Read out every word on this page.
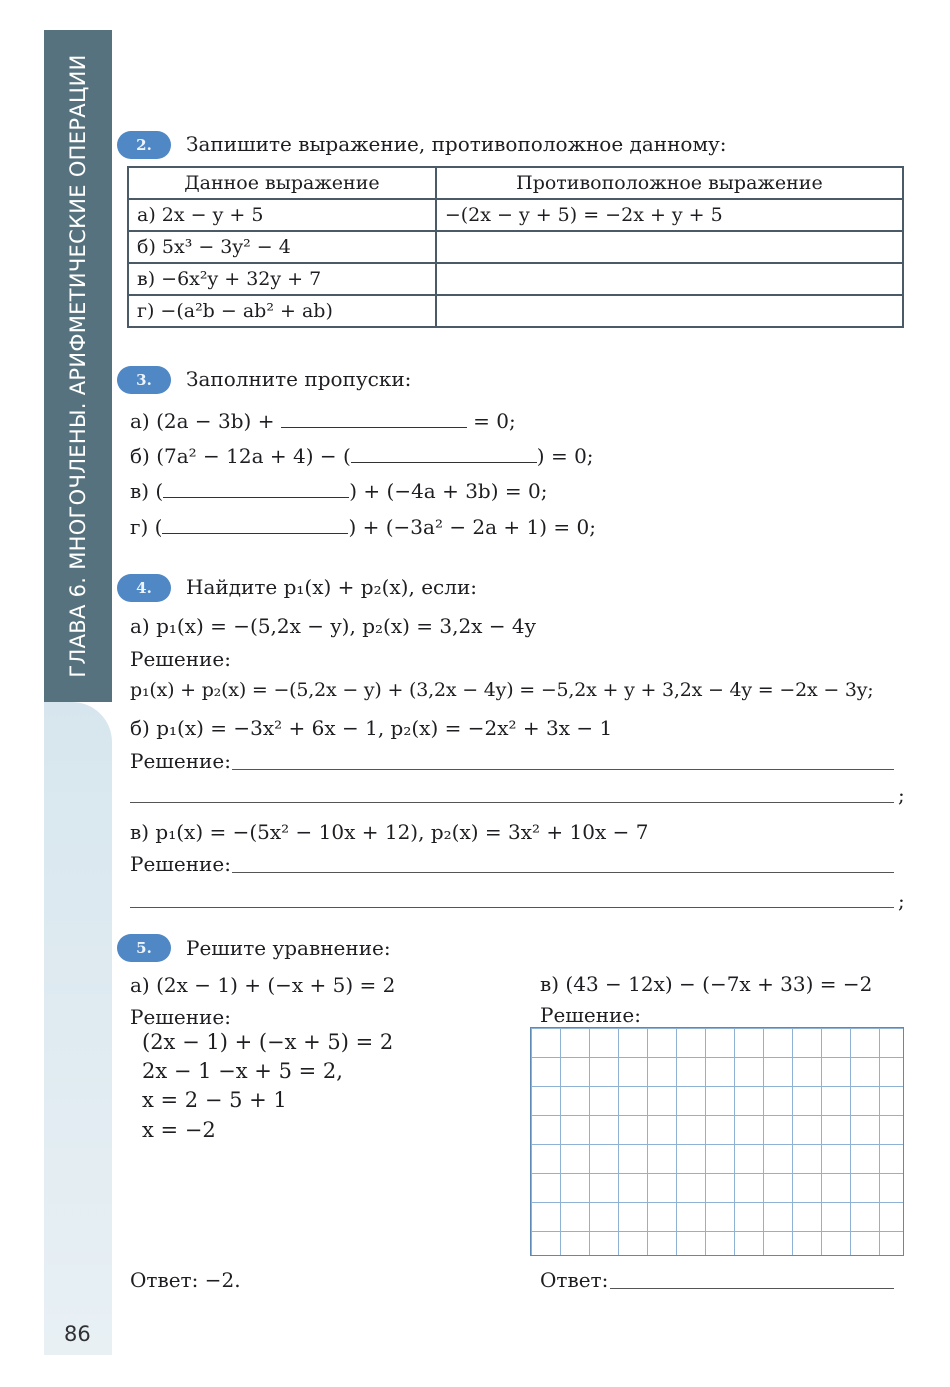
ГЛАВА 6. МНОГОЧЛЕНЫ. АРИФМЕТИЧЕСКИЕ ОПЕРАЦИИ
86
2.	Запишите выражение, противоположное данному:
Данное выражение	Противоположное выражение
а) 2x − y + 5	−(2x − y + 5) = −2x + y + 5
б) 5x³ − 3y² − 4	
в) −6x²y + 32y + 7	
г) −(a²b − ab² + ab)	
3.	Заполните пропуски:
а) (2a − 3b) +	= 0;
б) (7a² − 12a + 4) − (	) = 0;
в) (	) + (−4a + 3b) = 0;
г) (	) + (−3a² − 2a + 1) = 0;
4.	Найдите p₁(x) + p₂(x), если:
а) p₁(x) = −(5,2x − y), p₂(x) = 3,2x − 4y
Решение:
p₁(x) + p₂(x) = −(5,2x − y) + (3,2x − 4y) = −5,2x + y + 3,2x − 4y = −2x − 3y;
б) p₁(x) = −3x² + 6x − 1, p₂(x) = −2x² + 3x − 1
Решение:
;
в) p₁(x) = −(5x² − 10x + 12), p₂(x) = 3x² + 10x − 7
Решение:
;
5.	Решите уравнение:
а) (2x − 1) + (−x + 5) = 2
Решение:
(2x − 1) + (−x + 5) = 2
2x − 1 −x + 5 = 2,
x = 2 − 5 + 1
x = −2
Ответ: −2.
в) (43 − 12x) − (−7x + 33) = −2
Решение:
Ответ:
